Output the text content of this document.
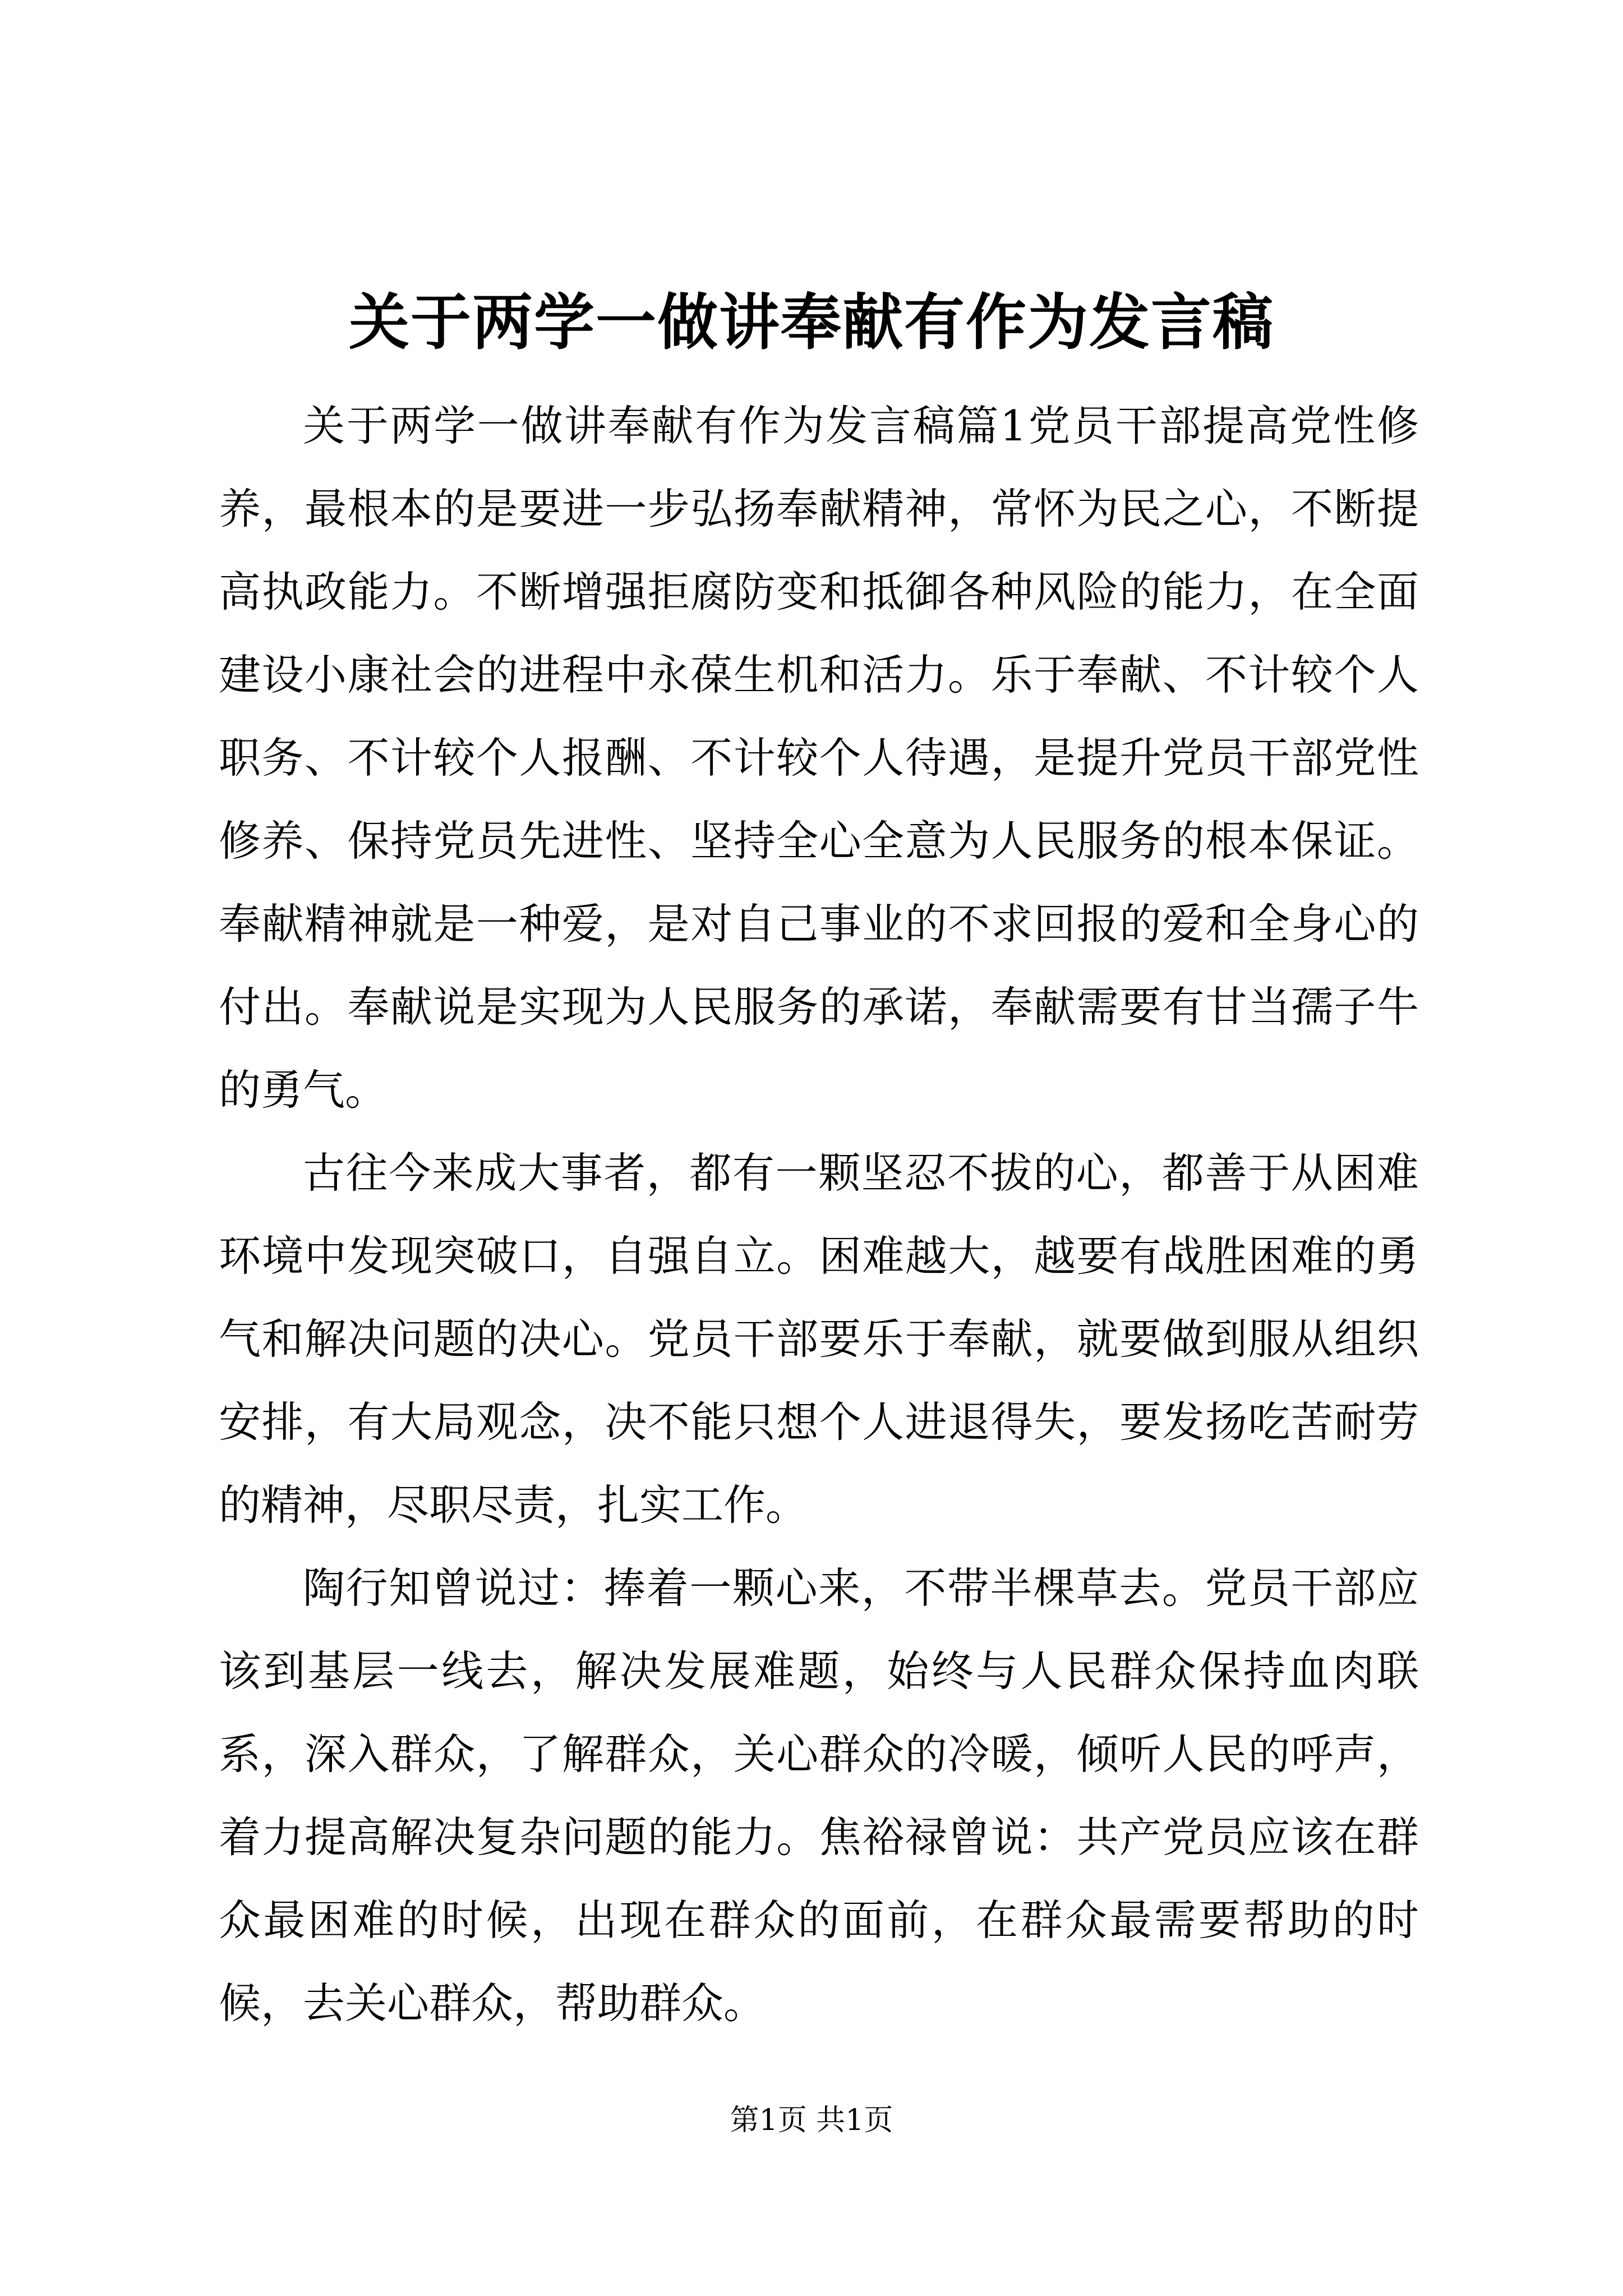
关于两学一做讲奉献有作为发言稿

关于两学一做讲奉献有作为发言稿篇1党员干部提高党性修养，最根本的是要进一步弘扬奉献精神，常怀为民之心，不断提高执政能力。不断增强拒腐防变和抵御各种风险的能力，在全面建设小康社会的进程中永葆生机和活力。乐于奉献、不计较个人职务、不计较个人报酬、不计较个人待遇，是提升党员干部党性修养、保持党员先进性、坚持全心全意为人民服务的根本保证。奉献精神就是一种爱，是对自己事业的不求回报的爱和全身心的付出。奉献说是实现为人民服务的承诺，奉献需要有甘当孺子牛的勇气。

古往今来成大事者，都有一颗坚忍不拔的心，都善于从困难环境中发现突破口，自强自立。困难越大，越要有战胜困难的勇气和解决问题的决心。党员干部要乐于奉献，就要做到服从组织安排，有大局观念，决不能只想个人进退得失，要发扬吃苦耐劳的精神，尽职尽责，扎实工作。

陶行知曾说过：捧着一颗心来，不带半棵草去。党员干部应该到基层一线去，解决发展难题，始终与人民群众保持血肉联系，深入群众，了解群众，关心群众的冷暖，倾听人民的呼声，着力提高解决复杂问题的能力。焦裕禄曾说：共产党员应该在群众最困难的时候，出现在群众的面前，在群众最需要帮助的时候，去关心群众，帮助群众。

第1页 共1页
